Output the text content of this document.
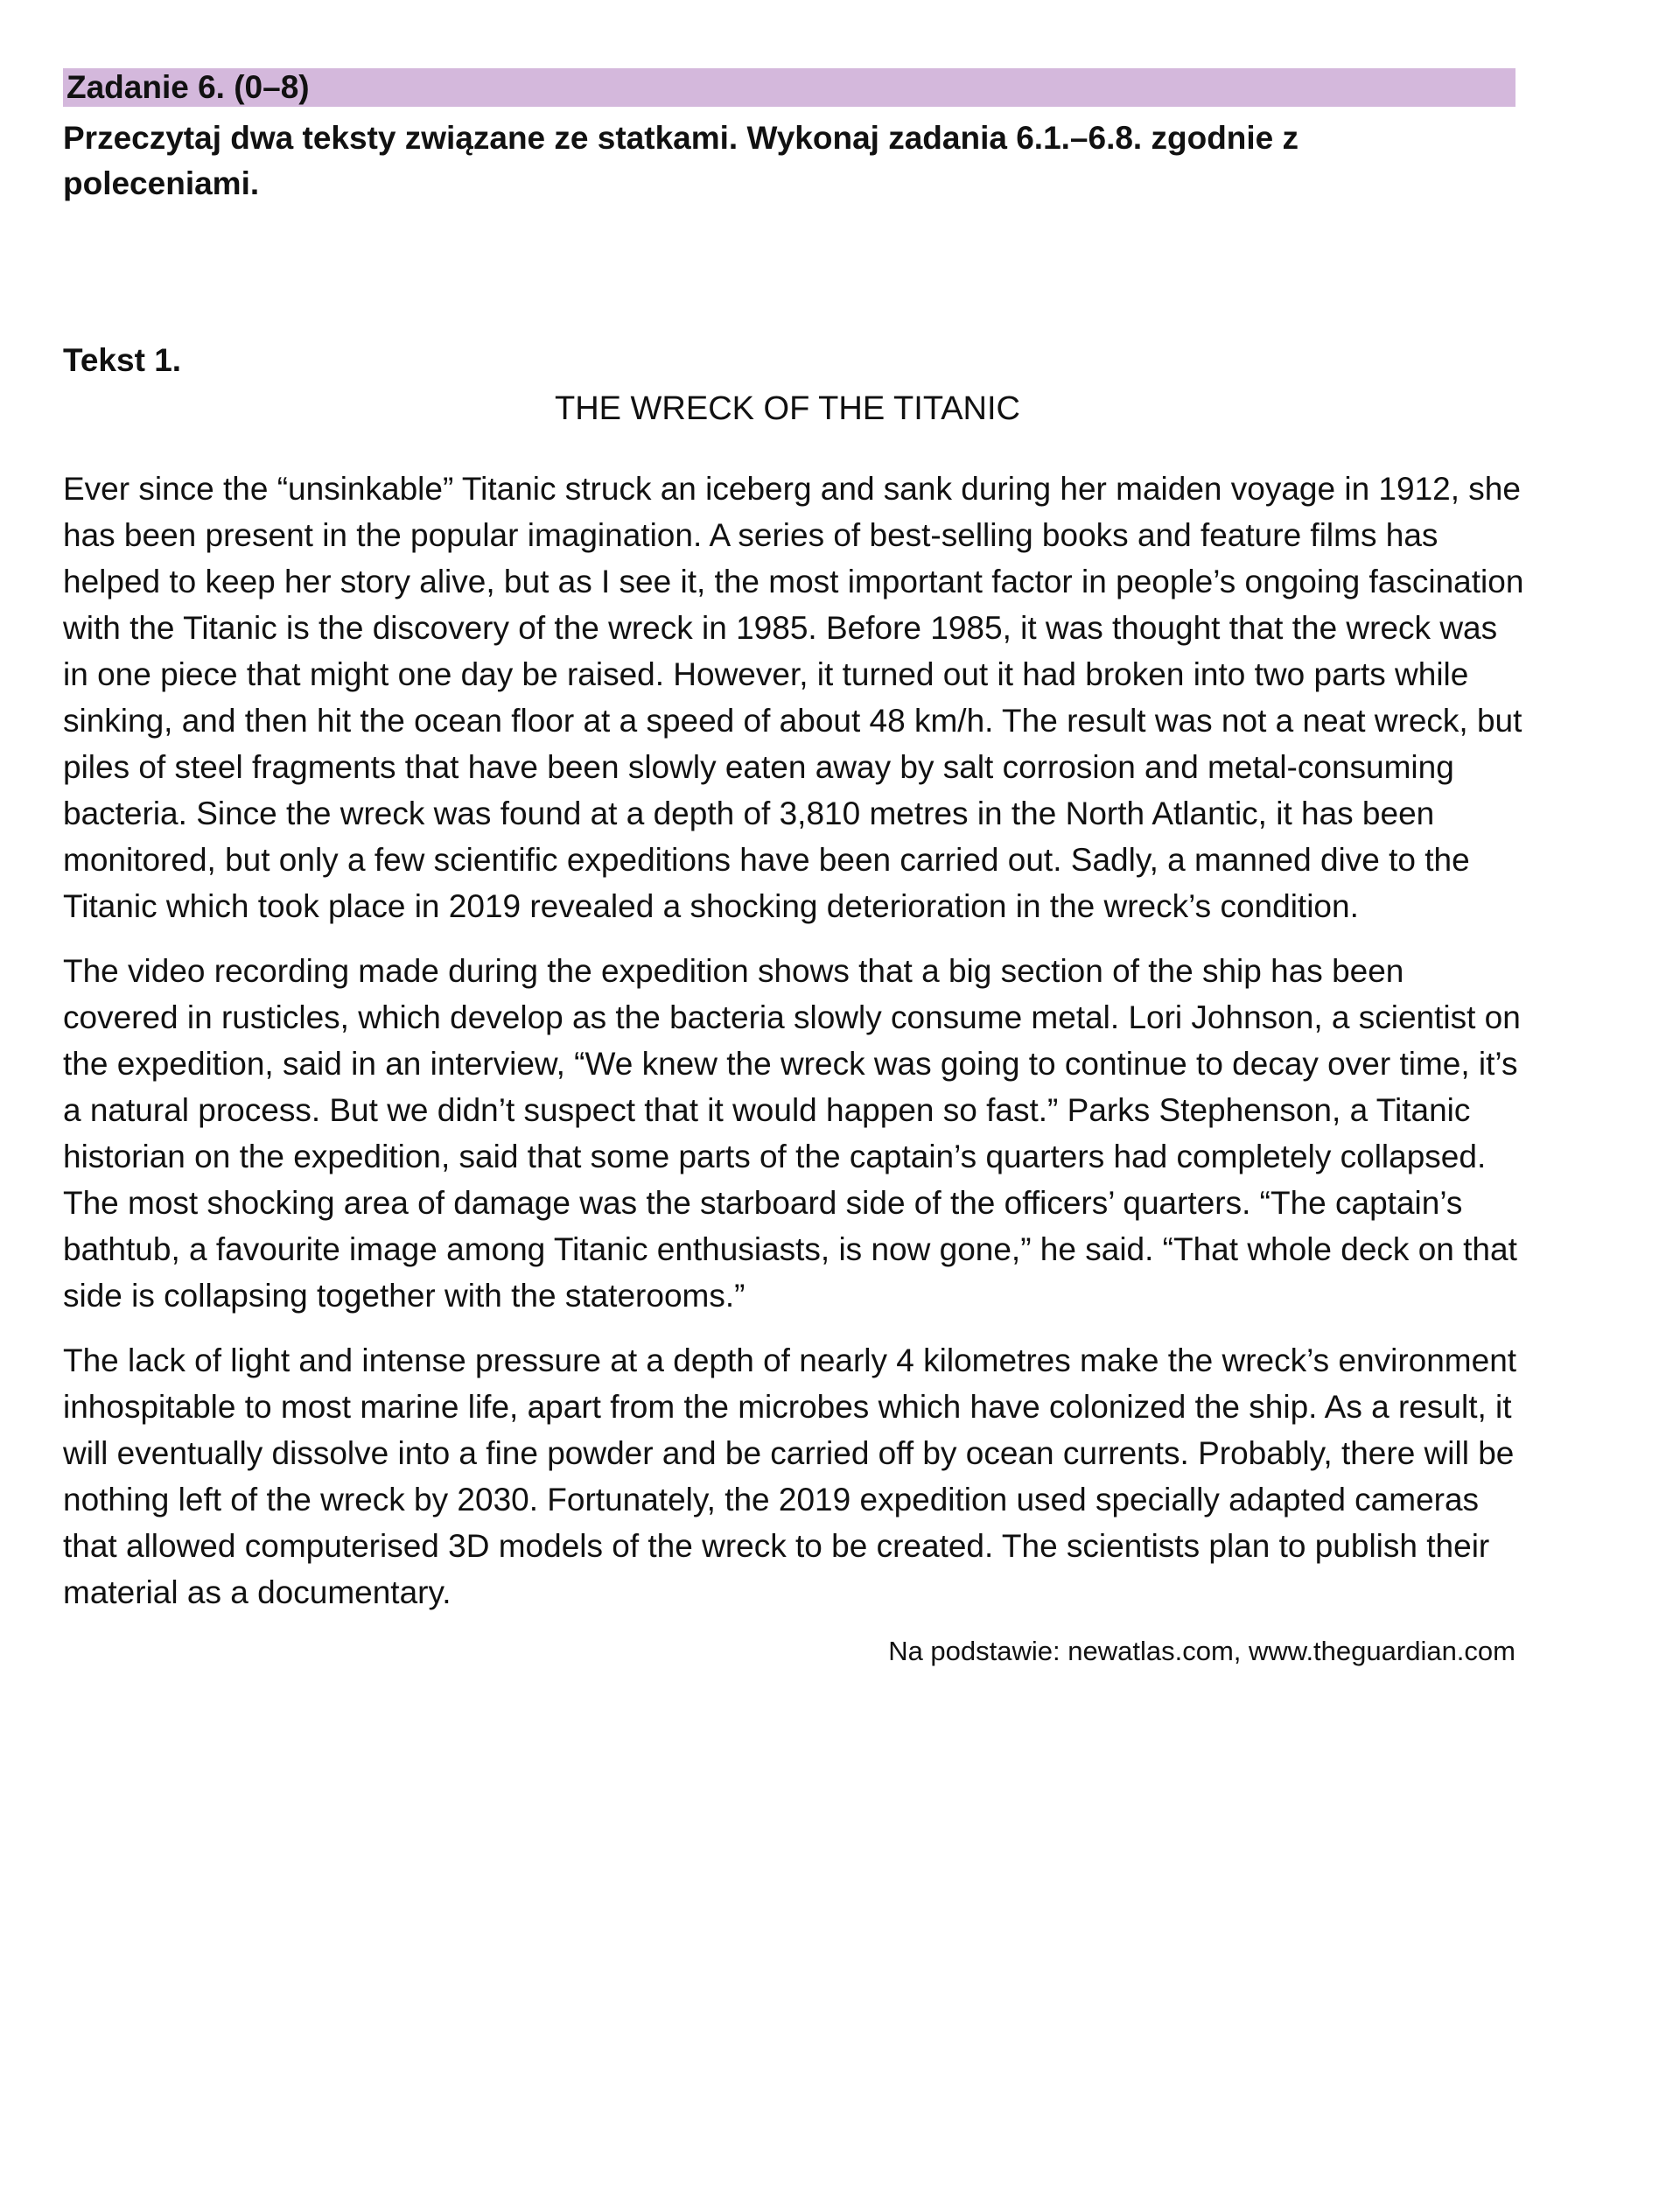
Zadanie 6. (0–8)
Przeczytaj dwa teksty związane ze statkami. Wykonaj zadania 6.1.–6.8. zgodnie z poleceniami.
Tekst 1.
THE WRECK OF THE TITANIC

Ever since the “unsinkable” Titanic struck an iceberg and sank during her maiden voyage in 1912, she has been present in the popular imagination. A series of best-selling books and feature films has helped to keep her story alive, but as I see it, the most important factor in people’s ongoing fascination with the Titanic is the discovery of the wreck in 1985. Before 1985, it was thought that the wreck was in one piece that might one day be raised. However, it turned out it had broken into two parts while sinking, and then hit the ocean floor at a speed of about 48 km/h. The result was not a neat wreck, but piles of steel fragments that have been slowly eaten away by salt corrosion and metal-consuming bacteria. Since the wreck was found at a depth of 3,810 metres in the North Atlantic, it has been monitored, but only a few scientific expeditions have been carried out. Sadly, a manned dive to the Titanic which took place in 2019 revealed a shocking deterioration in the wreck’s condition.

The video recording made during the expedition shows that a big section of the ship has been covered in rusticles, which develop as the bacteria slowly consume metal. Lori Johnson, a scientist on the expedition, said in an interview, “We knew the wreck was going to continue to decay over time, it’s a natural process. But we didn’t suspect that it would happen so fast.” Parks Stephenson, a Titanic historian on the expedition, said that some parts of the captain’s quarters had completely collapsed. The most shocking area of damage was the starboard side of the officers’ quarters. “The captain’s bathtub, a favourite image among Titanic enthusiasts, is now gone,” he said. “That whole deck on that side is collapsing together with the staterooms.”

The lack of light and intense pressure at a depth of nearly 4 kilometres make the wreck’s environment inhospitable to most marine life, apart from the microbes which have colonized the ship. As a result, it will eventually dissolve into a fine powder and be carried off by ocean currents. Probably, there will be nothing left of the wreck by 2030. Fortunately, the 2019 expedition used specially adapted cameras that allowed computerised 3D models of the wreck to be created. The scientists plan to publish their material as a documentary.

Na podstawie: newatlas.com, www.theguardian.com
